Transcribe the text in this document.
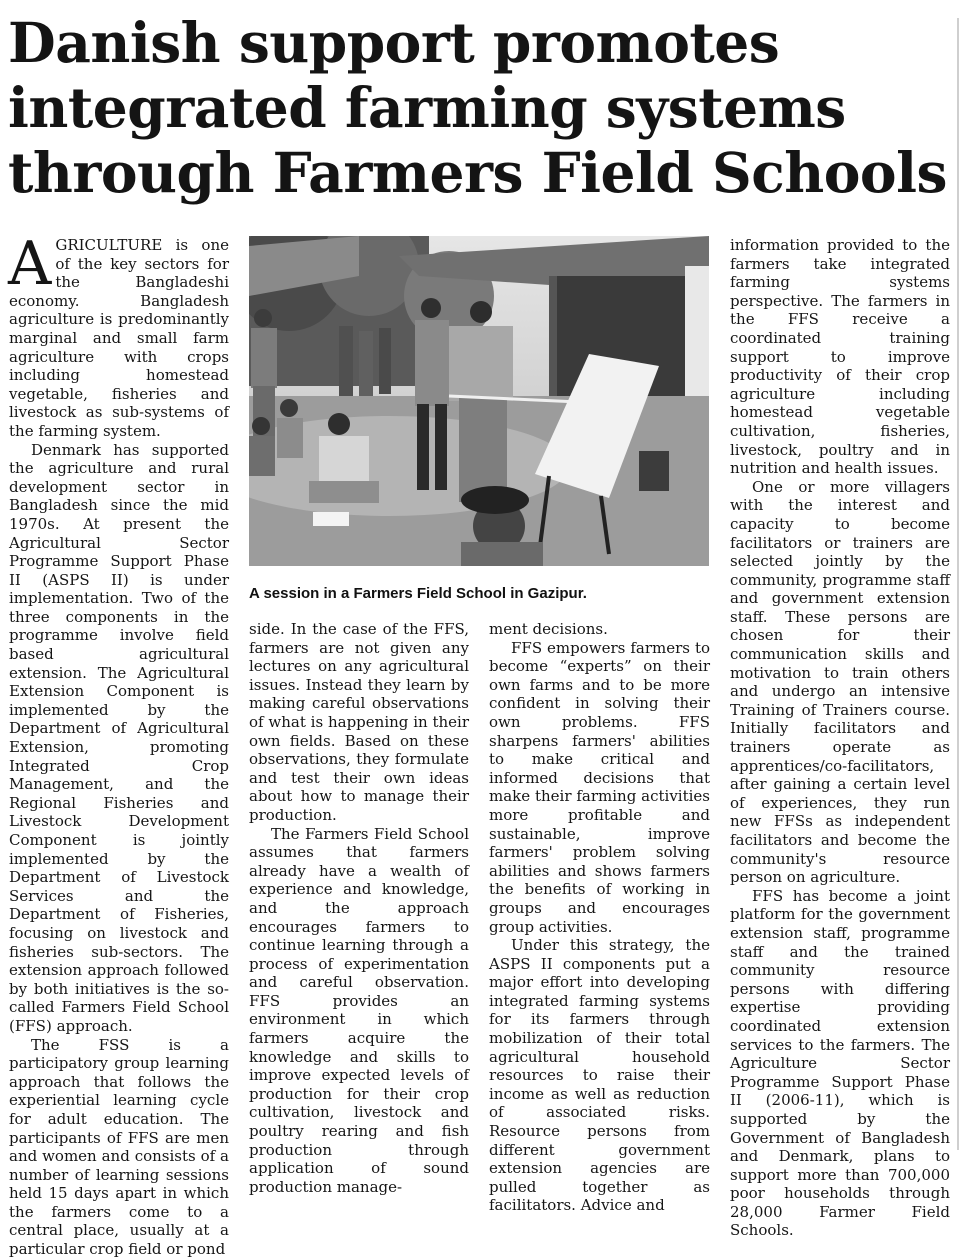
Danish support promotes
integrated farming systems
through Farmers Field Schools

AGRICULTURE is one of the key sectors for the Bangladeshi economy. Bangladesh agriculture is predominantly marginal and small farm agriculture with crops including homestead vegetable, fisheries and livestock as sub-systems of the farming system.

Denmark has supported the agriculture and rural development sector in Bangladesh since the mid 1970s. At present the Agricultural Sector Programme Support Phase II (ASPS II) is under implementation. Two of the three components in the programme involve field based agricultural extension. The Agricultural Extension Component is implemented by the Department of Agricultural Extension, promoting Integrated Crop Management, and the Regional Fisheries and Livestock Development Component is jointly implemented by the Department of Livestock Services and the Department of Fisheries, focusing on livestock and fisheries sub-sectors. The extension approach followed by both initiatives is the so-called Farmers Field School (FFS) approach.

The FSS is a participatory group learning approach that follows the experiential learning cycle for adult education. The participants of FFS are men and women and consists of a number of learning sessions held 15 days apart in which the farmers come to a central place, usually at a particular crop field or pond

A session in a Farmers Field School in Gazipur.

side. In the case of the FFS, farmers are not given any lectures on any agricultural issues. Instead they learn by making careful observations of what is happening in their own fields. Based on these observations, they formulate and test their own ideas about how to manage their production.

The Farmers Field School assumes that farmers already have a wealth of experience and knowledge, and the approach encourages farmers to continue learning through a process of experimentation and careful observation. FFS provides an environment in which farmers acquire the knowledge and skills to improve expected levels of production for their crop cultivation, livestock and poultry rearing and fish production through application of sound production manage-

ment decisions.

FFS empowers farmers to become “experts” on their own farms and to be more confident in solving their own problems. FFS sharpens farmers' abilities to make critical and informed decisions that make their farming activities more profitable and sustainable, improve farmers' problem solving abilities and shows farmers the benefits of working in groups and encourages group activities.

Under this strategy, the ASPS II components put a major effort into developing integrated farming systems for its farmers through mobilization of their total agricultural household resources to raise their income as well as reduction of associated risks. Resource persons from different government extension agencies are pulled together as facilitators. Advice and

information provided to the farmers take integrated farming systems perspective. The farmers in the FFS receive a coordinated training support to improve productivity of their crop agriculture including homestead vegetable cultivation, fisheries, livestock, poultry and in nutrition and health issues.

One or more villagers with the interest and capacity to become facilitators or trainers are selected jointly by the community, programme staff and government extension staff. These persons are chosen for their communication skills and motivation to train others and undergo an intensive Training of Trainers course. Initially facilitators and trainers operate as apprentices/co-facilitators, after gaining a certain level of experiences, they run new FFSs as independent facilitators and become the community's resource person on agriculture.

FFS has become a joint platform for the government extension staff, programme staff and the trained community resource persons with differing expertise providing coordinated extension services to the farmers. The Agriculture Sector Programme Support Phase II (2006-11), which is supported by the Government of Bangladesh and Denmark, plans to support more than 700,000 poor households through 28,000 Farmer Field Schools.
